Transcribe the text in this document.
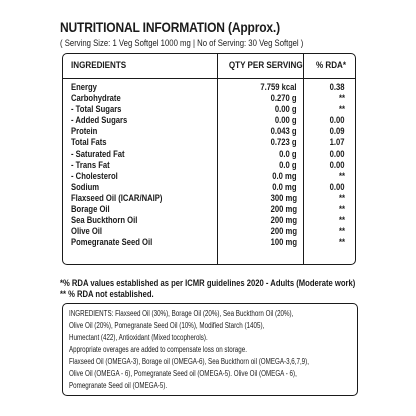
NUTRITIONAL INFORMATION (Approx.)
( Serving Size: 1 Veg Softgel 1000 mg | No of Serving: 30 Veg Softgel )
INGREDIENTS	QTY PER SERVING	% RDA*
Energy	7.759 kcal	0.38
Carbohydrate	0.270 g	**
- Total Sugars	0.00 g	**
- Added Sugars	0.00 g	0.00
Protein	0.043 g	0.09
Total Fats	0.723 g	1.07
- Saturated Fat	0.0 g	0.00
- Trans Fat	0.0 g	0.00
- Cholesterol	0.0 mg	**
Sodium	0.0 mg	0.00
Flaxseed Oil (ICAR/NAIP)	300 mg	**
Borage Oil	200 mg	**
Sea Buckthorn Oil	200 mg	**
Olive Oil	200 mg	**
Pomegranate Seed Oil	100 mg	**
*% RDA values established as per ICMR guidelines 2020 - Adults (Moderate work)
** % RDA not established.
INGREDIENTS: Flaxseed Oil (30%), Borage Oil (20%), Sea Buckthorn Oil (20%),
Olive Oil (20%), Pomegranate Seed Oil (10%), Modified Starch (1405),
Humectant (422), Antioxidant (Mixed tocopherols).
Appropriate overages are added to compensate loss on storage.
Flaxseed Oil (OMEGA-3), Borage oil (OMEGA-6), Sea Buckthorn oil (OMEGA-3,6,7,9),
Olive Oil (OMEGA - 6), Pomegranate Seed oil (OMEGA-5). Olive Oil (OMEGA - 6),
Pomegranate Seed oil (OMEGA-5).
